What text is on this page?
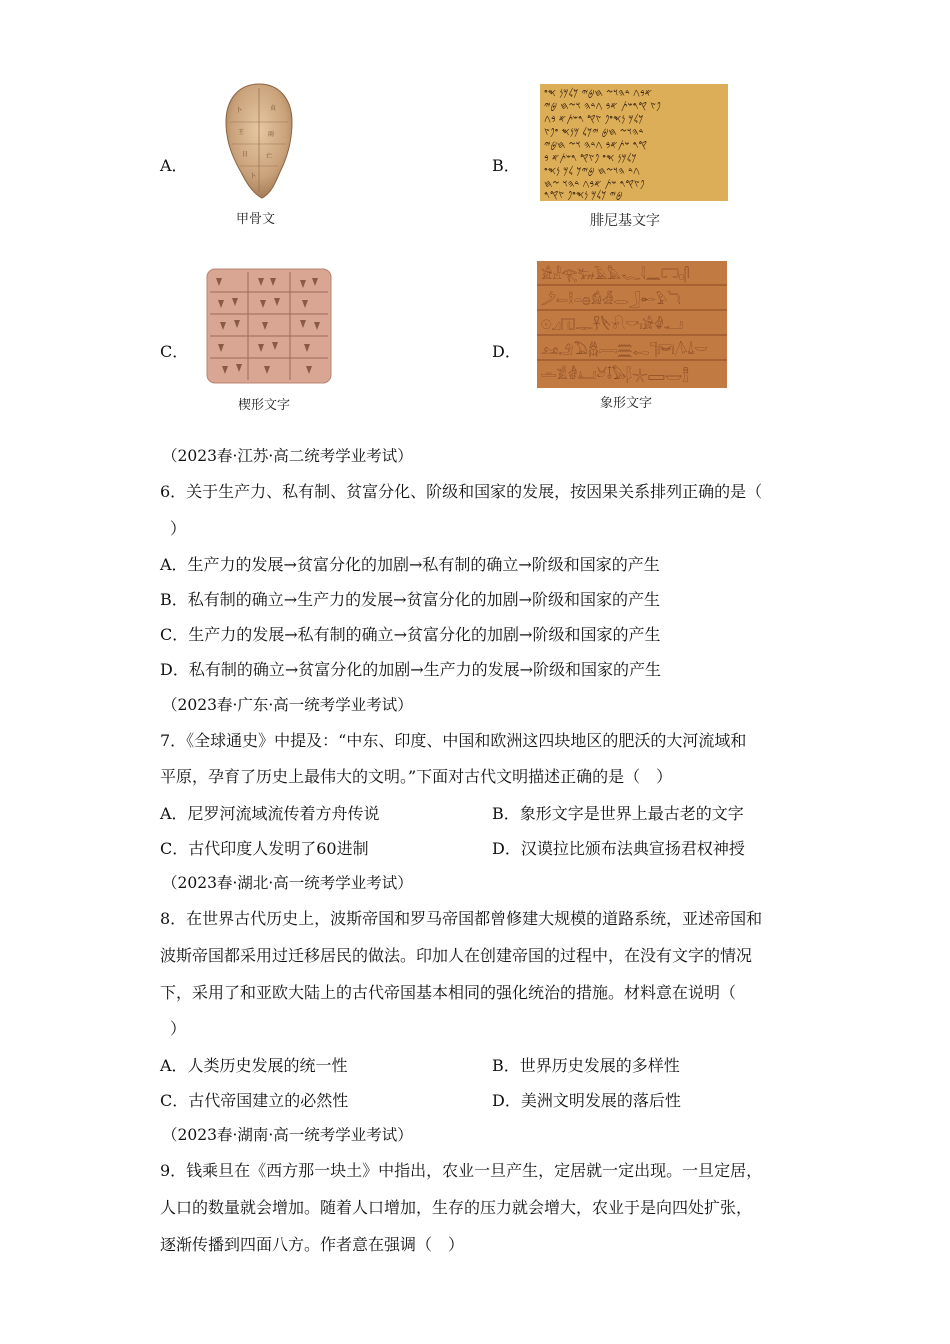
A．
卜	贞
王	雨
日	亡
卜
甲骨文
B．
𐤀𐤁𐤂 𐤃𐤄𐤅𐤆 𐤇𐤈𐤉 𐤊𐤋𐤌𐤍 𐤎𐤏
𐤐𐤑 𐤒𐤓𐤔𐤕 𐤀𐤁 𐤂𐤃𐤄 𐤅𐤆𐤇 𐤈𐤉
𐤊𐤋𐤌 𐤍𐤎𐤏𐤐 𐤑𐤒 𐤓𐤔𐤕𐤀 𐤁𐤂
𐤃𐤄𐤅𐤆 𐤇𐤈 𐤉𐤊𐤋 𐤌𐤍𐤎 𐤏𐤐𐤑
𐤒𐤓 𐤔𐤕𐤀𐤁 𐤂𐤃𐤄 𐤅𐤆 𐤇𐤈𐤉
𐤊𐤋𐤌𐤍 𐤎𐤏 𐤐𐤑𐤒 𐤓𐤔𐤕𐤀 𐤁
𐤂𐤃 𐤄𐤅𐤆𐤇 𐤈𐤉𐤊 𐤋𐤌 𐤍𐤎𐤏
𐤐𐤑𐤒𐤓 𐤔𐤕 𐤀𐤁𐤂 𐤃𐤄𐤅 𐤆𐤇
𐤈𐤉 𐤊𐤋𐤌 𐤍𐤎𐤏𐤐 𐤑𐤒𐤓
腓尼基文字
C．
楔形文字
D．
𓀀𓁐𓂀𓃒𓄿𓅓𓆑𓇋𓈖𓉐𓊪𓋴
𓌳𓍿𓎛𓏏𓐍𓀁𓁑𓂋𓃀𓄡𓅱𓆓
𓇳𓈎𓉔𓊃𓋹𓌸𓍯𓎡𓏤𓀂𓁒𓂝
𓃭𓄂𓅐𓆣𓇯𓈗𓉻𓊹𓋞𓌅𓍑𓎟
𓏛𓀃𓁓𓂞𓃾𓄤𓅃𓆄𓇼𓈙𓉿𓊽
象形文字
（2023春·江苏·高二统考学业考试）
6．关于生产力、私有制、贫富分化、阶级和国家的发展，按因果关系排列正确的是（
）
A．生产力的发展→贫富分化的加剧→私有制的确立→阶级和国家的产生
B．私有制的确立→生产力的发展→贫富分化的加剧→阶级和国家的产生
C．生产力的发展→私有制的确立→贫富分化的加剧→阶级和国家的产生
D．私有制的确立→贫富分化的加剧→生产力的发展→阶级和国家的产生
（2023春·广东·高一统考学业考试）
7．《全球通史》中提及：“中东、印度、中国和欧洲这四块地区的肥沃的大河流域和
平原，孕育了历史上最伟大的文明。”下面对古代文明描述正确的是（　）
A．尼罗河流域流传着方舟传说	B．象形文字是世界上最古老的文字
C．古代印度人发明了60进制	D．汉谟拉比颁布法典宣扬君权神授
（2023春·湖北·高一统考学业考试）
8．在世界古代历史上，波斯帝国和罗马帝国都曾修建大规模的道路系统，亚述帝国和
波斯帝国都采用过迁移居民的做法。印加人在创建帝国的过程中，在没有文字的情况
下，采用了和亚欧大陆上的古代帝国基本相同的强化统治的措施。材料意在说明（
）
A．人类历史发展的统一性	B．世界历史发展的多样性
C．古代帝国建立的必然性	D．美洲文明发展的落后性
（2023春·湖南·高一统考学业考试）
9．钱乘旦在《西方那一块土》中指出，农业一旦产生，定居就一定出现。一旦定居，
人口的数量就会增加。随着人口增加，生存的压力就会增大，农业于是向四处扩张，
逐渐传播到四面八方。作者意在强调（　）
